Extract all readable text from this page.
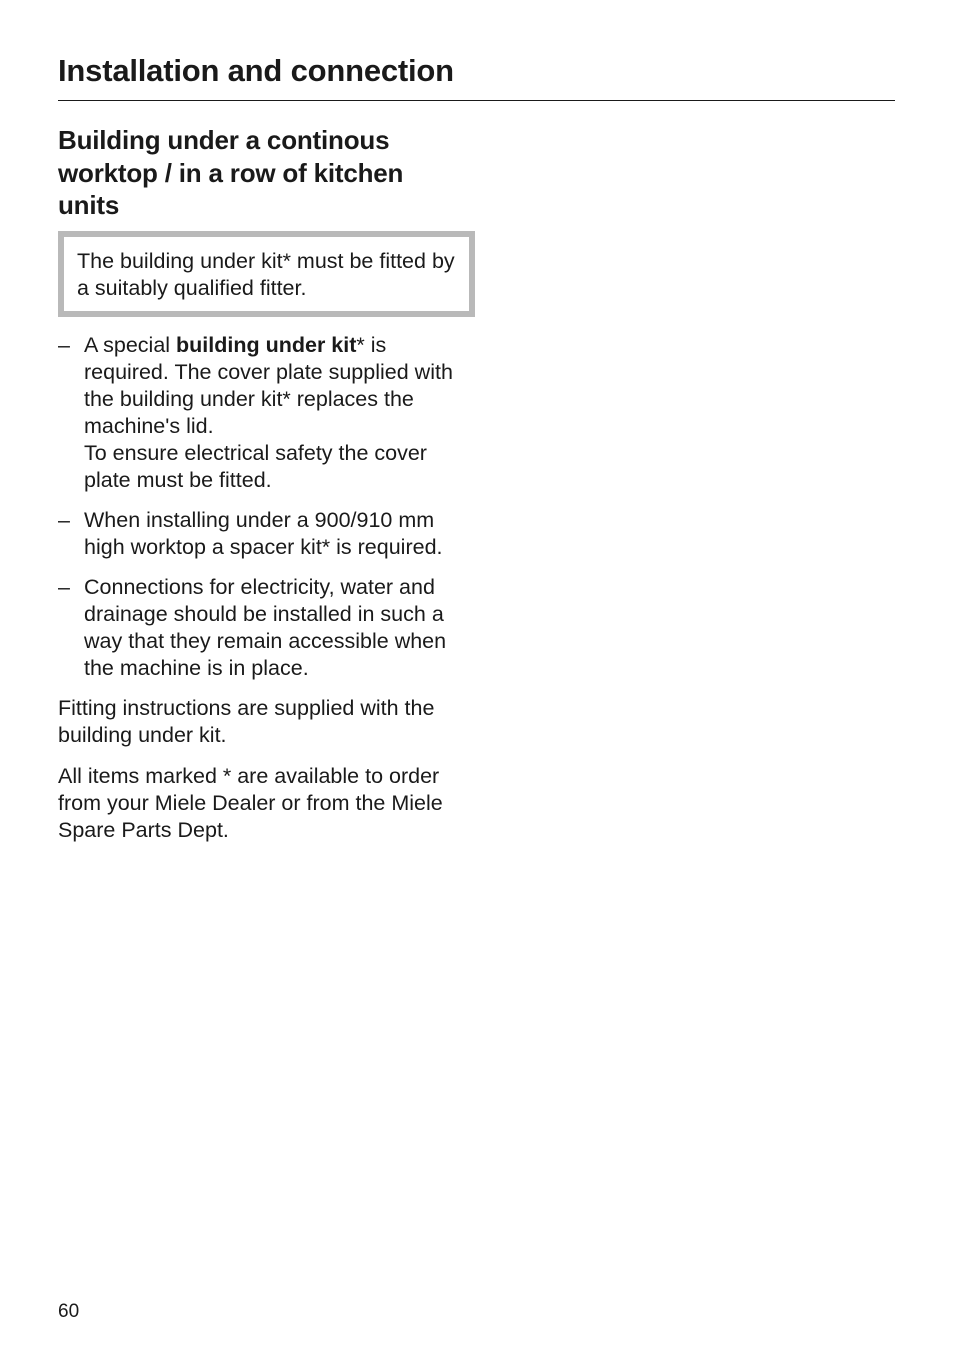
Installation and connection
Building under a continous worktop / in a row of kitchen units
The building under kit* must be fitted by a suitably qualified fitter.
– A special building under kit* is required. The cover plate supplied with the building under kit* replaces the machine's lid.

To ensure electrical safety the cover plate must be fitted.

– When installing under a 900/910 mm high worktop a spacer kit* is required.

– Connections for electricity, water and drainage should be installed in such a way that they remain accessible when the machine is in place.

Fitting instructions are supplied with the building under kit.

All items marked * are available to order from your Miele Dealer or from the Miele Spare Parts Dept.

60
